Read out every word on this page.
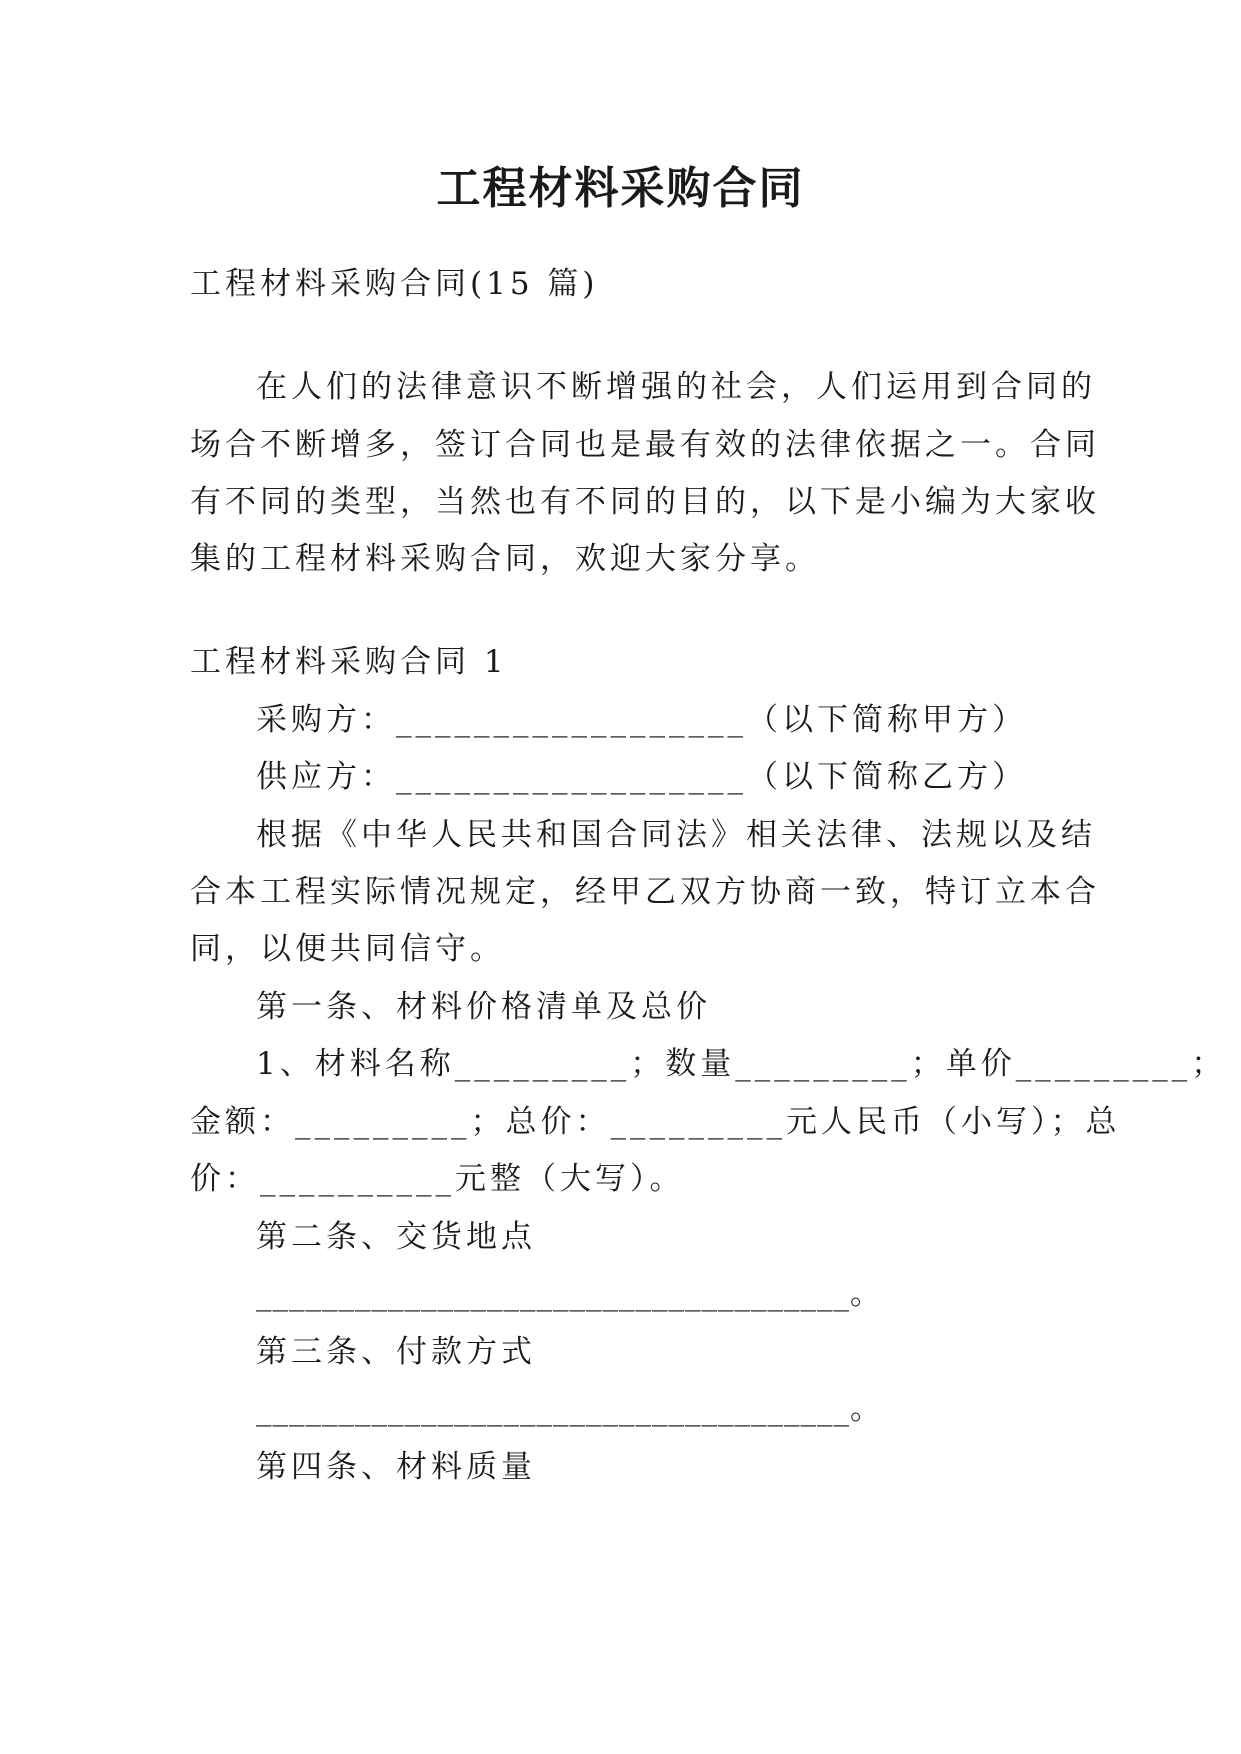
工程材料采购合同
工程材料采购合同(15 篇)
在人们的法律意识不断增强的社会，人们运用到合同的
场合不断增多，签订合同也是最有效的法律依据之一。合同
有不同的类型，当然也有不同的目的，以下是小编为大家收
集的工程材料采购合同，欢迎大家分享。
工程材料采购合同 1
采购方：__________________（以下简称甲方）
供应方：__________________（以下简称乙方）
根据《中华人民共和国合同法》相关法律、法规以及结
合本工程实际情况规定，经甲乙双方协商一致，特订立本合
同，以便共同信守。
第一条、材料价格清单及总价
1、材料名称_________；数量_________；单价_________；
金额：_________；总价：_________元人民币（小写）；总
价：__________元整（大写）。
第二条、交货地点
____________________________________。
第三条、付款方式
____________________________________。
第四条、材料质量
